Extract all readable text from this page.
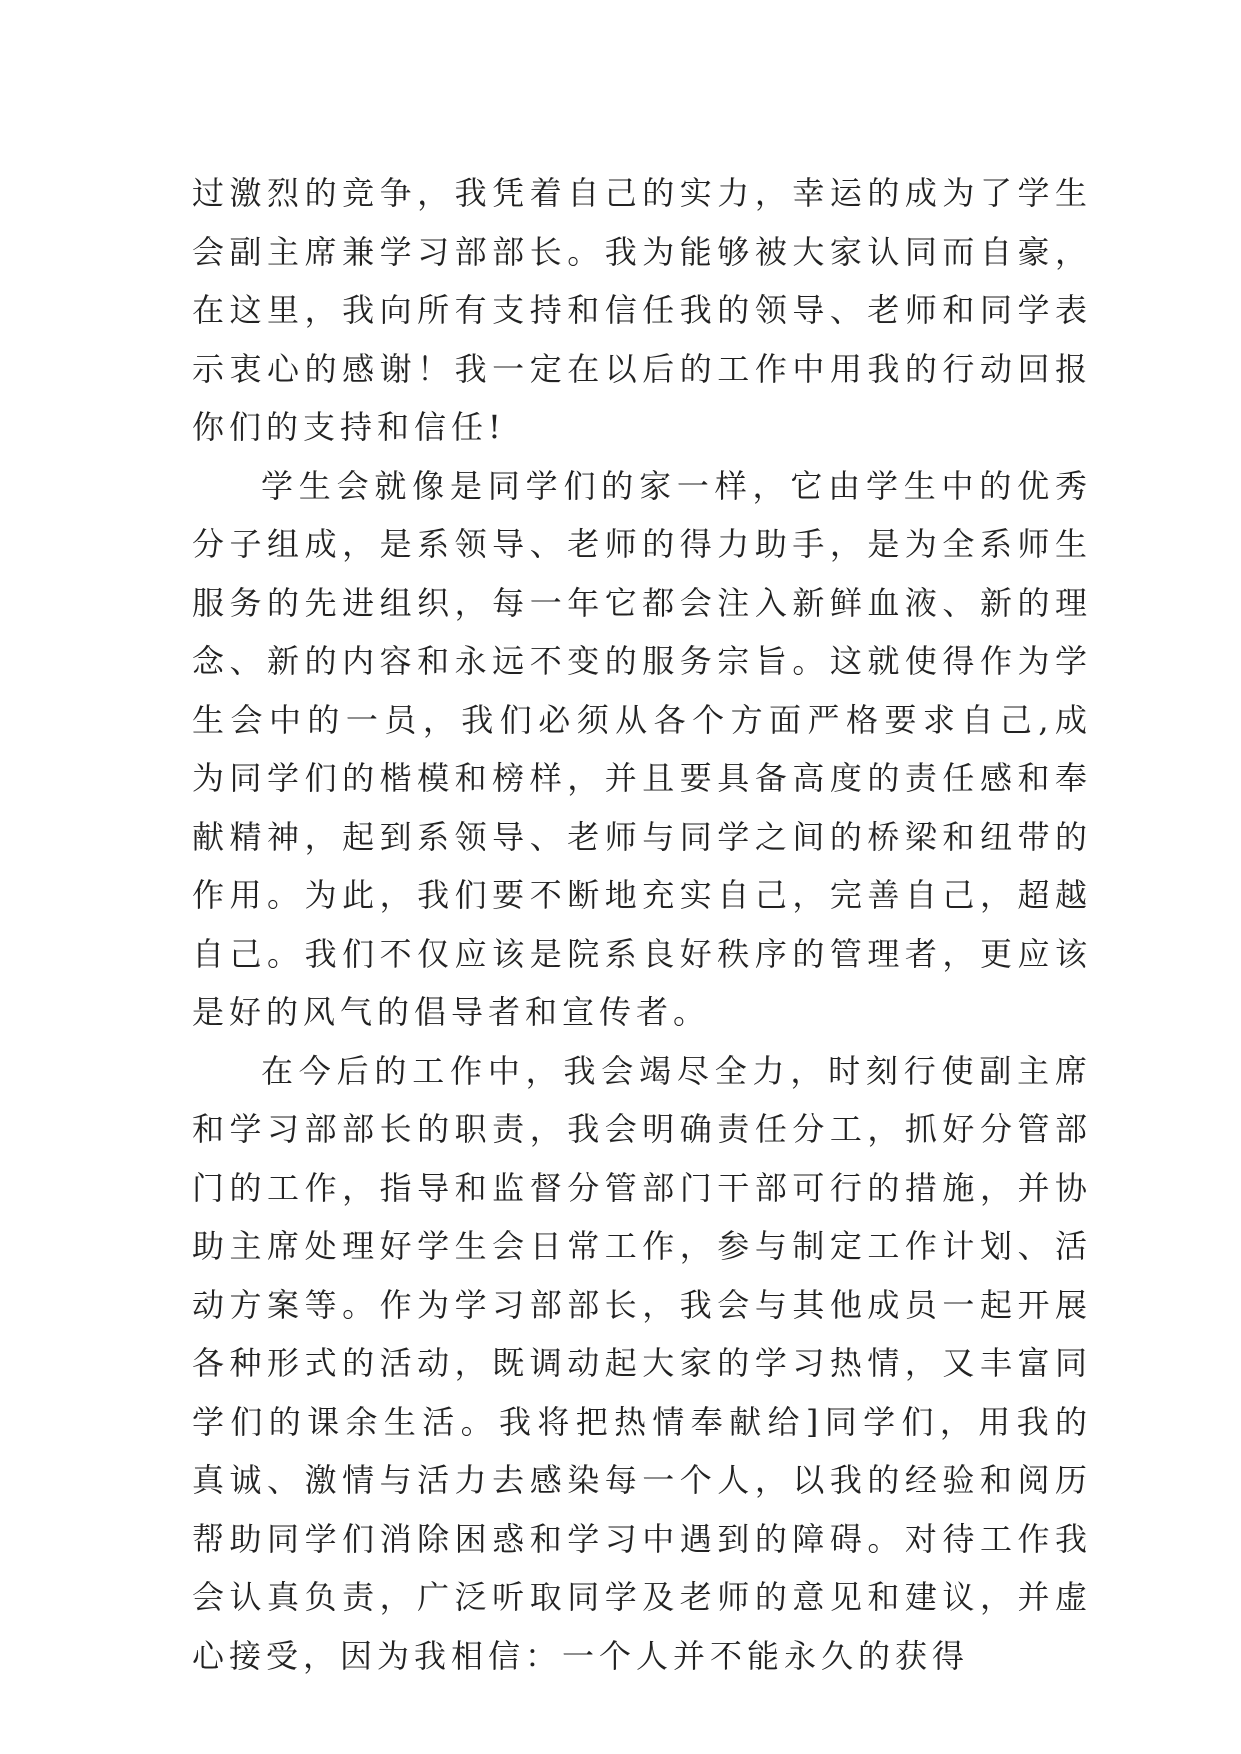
过激烈的竞争，我凭着自己的实力，幸运的成为了学生会副主席兼学习部部长。我为能够被大家认同而自豪，在这里，我向所有支持和信任我的领导、老师和同学表示衷心的感谢！我一定在以后的工作中用我的行动回报你们的支持和信任!

学生会就像是同学们的家一样，它由学生中的优秀分子组成，是系领导、老师的得力助手，是为全系师生服务的先进组织，每一年它都会注入新鲜血液、新的理念、新的内容和永远不变的服务宗旨。这就使得作为学生会中的一员，我们必须从各个方面严格要求自己,成为同学们的楷模和榜样，并且要具备高度的责任感和奉献精神，起到系领导、老师与同学之间的桥梁和纽带的作用。为此，我们要不断地充实自己，完善自己，超越自己。我们不仅应该是院系良好秩序的管理者，更应该是好的风气的倡导者和宣传者。

在今后的工作中，我会竭尽全力，时刻行使副主席和学习部部长的职责，我会明确责任分工，抓好分管部门的工作，指导和监督分管部门干部可行的措施，并协助主席处理好学生会日常工作，参与制定工作计划、活动方案等。作为学习部部长，我会与其他成员一起开展各种形式的活动，既调动起大家的学习热情，又丰富同学们的课余生活。我将把热情奉献给]同学们，用我的真诚、激情与活力去感染每一个人，以我的经验和阅历帮助同学们消除困惑和学习中遇到的障碍。对待工作我会认真负责，广泛听取同学及老师的意见和建议，并虚心接受，因为我相信：一个人并不能永久的获得
